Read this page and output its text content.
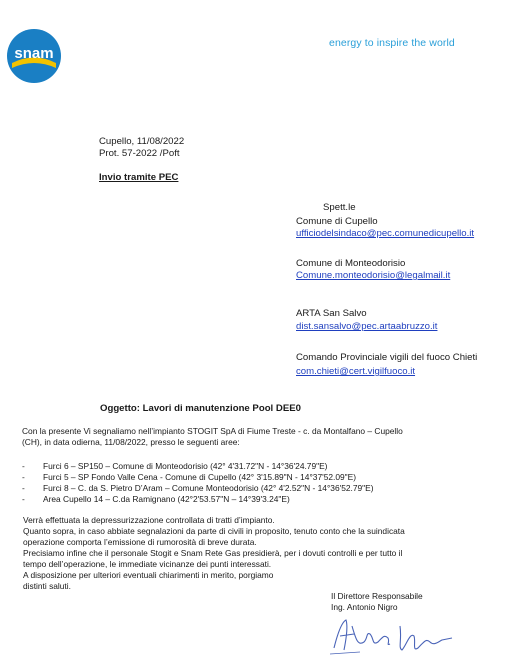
snam
energy to inspire the world
Cupello, 11/08/2022
Prot. 57-2022 /Poft
Invio tramite PEC
Spett.le
Comune di Cupello
ufficiodelsindaco@pec.comunedicupello.it
Comune di Monteodorisio
Comune.monteodorisio@legalmail.it
ARTA San Salvo
dist.sansalvo@pec.artaabruzzo.it
Comando Provinciale vigili del fuoco Chieti
com.chieti@cert.vigilfuoco.it
Oggetto: Lavori di manutenzione Pool DEE0
Con la presente Vi segnaliamo nell’impianto STOGIT SpA di Fiume Treste - c. da Montalfano – Cupello
(CH), in data odierna, 11/08/2022, presso le seguenti aree:
- Furci 6 – SP150 – Comune di Monteodorisio (42° 4'31.72"N - 14°36'24.79"E)
- Furci 5 – SP Fondo Valle Cena - Comune di Cupello (42° 3'15.89"N - 14°37'52.09"E)
- Furci 8 – C. da S. Pietro D’Aram – Comune Monteodorisio (42° 4'2.52"N - 14°36'52.79"E)
- Area Cupello 14 – C.da Ramignano (42°2'53.57"N – 14°39'3.24"E)
Verrà effettuata la depressurizzazione controllata di tratti d’impianto.
Quanto sopra, in caso abbiate segnalazioni da parte di civili in proposito, tenuto conto che la suindicata
operazione comporta l’emissione di rumorosità di breve durata.
Precisiamo infine che il personale Stogit e Snam Rete Gas presidierà, per i dovuti controlli e per tutto il
tempo dell’operazione, le immediate vicinanze dei punti interessati.
A disposizione per ulteriori eventuali chiarimenti in merito, porgiamo
distinti saluti.
Il Direttore Responsabile
Ing. Antonio Nigro
